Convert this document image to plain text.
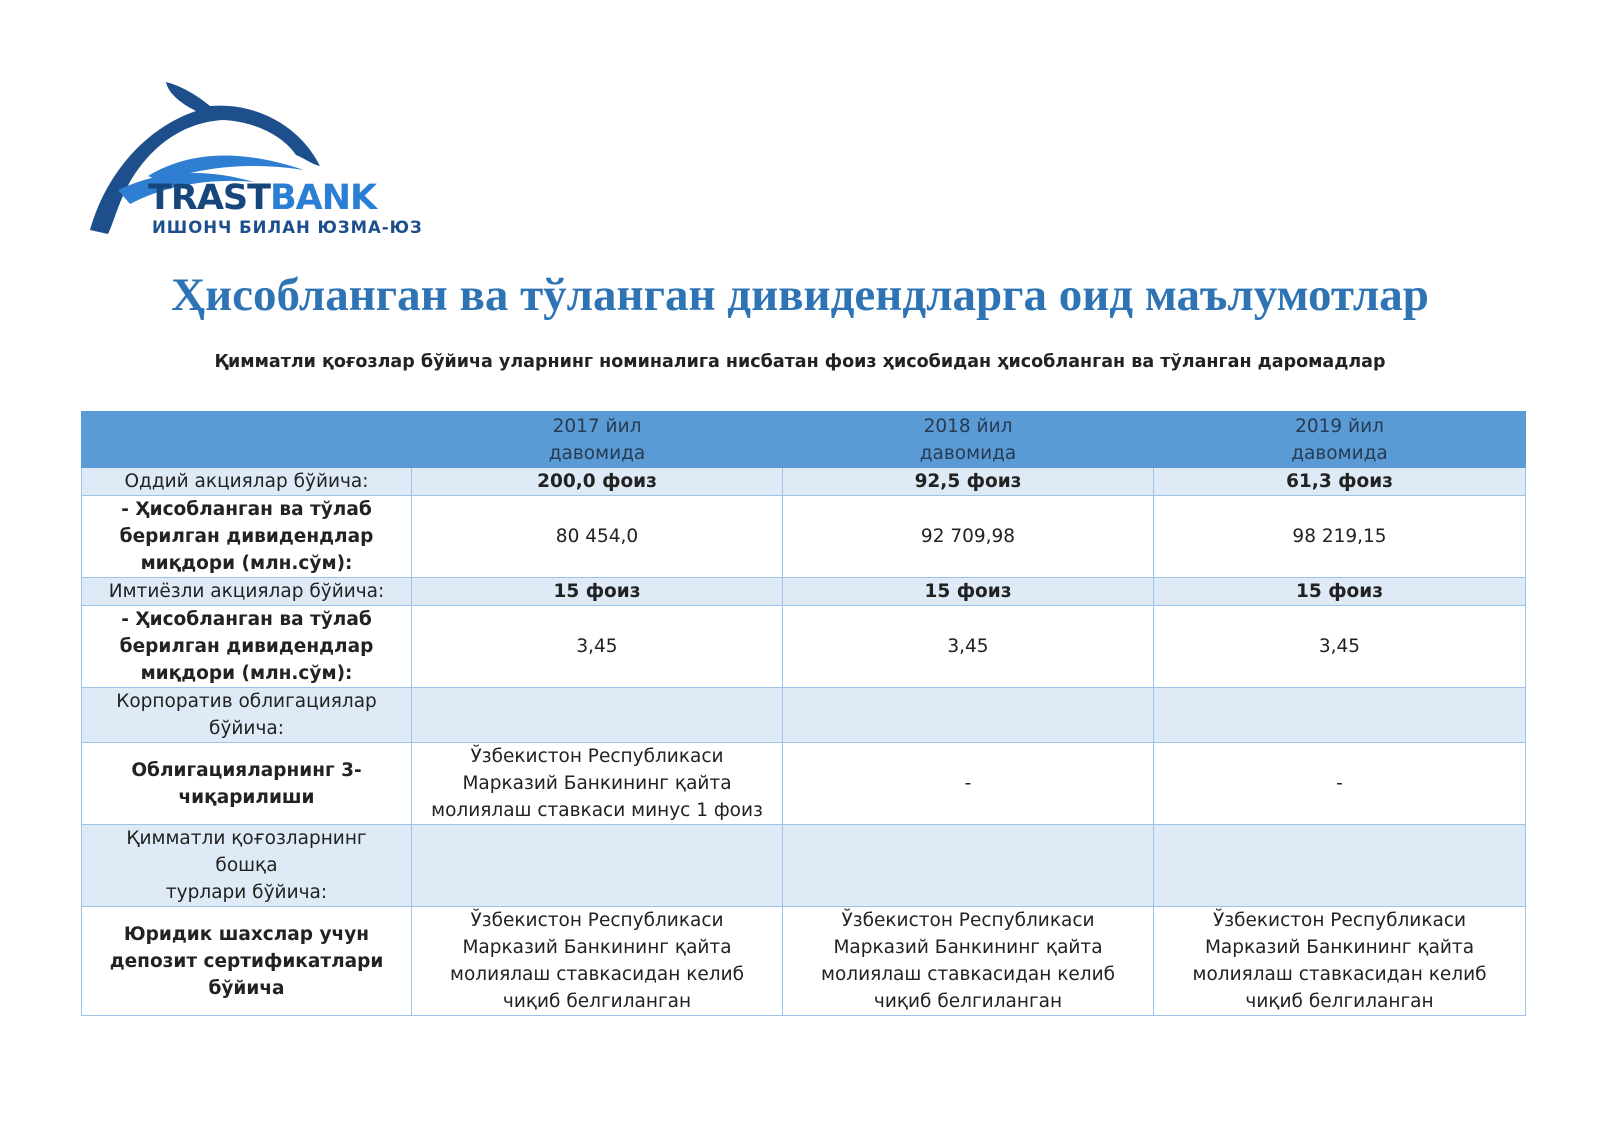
TRASTBANK
ИШОНЧ БИЛАН ЮЗМА-ЮЗ
Ҳисобланган ва тўланган дивидендларга оид маълумотлар
Қимматли қоғозлар бўйича уларнинг номиналига нисбатан фоиз ҳисобидан ҳисобланган ва тўланган даромадлар
	2017 йил
давомида	2018 йил
давомида	2019 йил
давомида
Оддий акциялар бўйича:	200,0 фоиз	92,5 фоиз	61,3 фоиз
- Ҳисобланган ва тўлаб
берилган дивидендлар
миқдори (млн.сўм):	80 454,0	92 709,98	98 219,15
Имтиёзли акциялар бўйича:	15 фоиз	15 фоиз	15 фоиз
- Ҳисобланган ва тўлаб
берилган дивидендлар
миқдори (млн.сўм):	3,45	3,45	3,45
Корпоратив облигациялар
бўйича:			
Облигацияларнинг 3-
чиқарилиши	Ўзбекистон Республикаси
Марказий Банкининг қайта
молиялаш ставкаси минус 1 фоиз	-	-
Қимматли қоғозларнинг бошқа
турлари бўйича:			
Юридик шахслар учун
депозит сертификатлари
бўйича	Ўзбекистон Республикаси
Марказий Банкининг қайта
молиялаш ставкасидан келиб
чиқиб белгиланган	Ўзбекистон Республикаси
Марказий Банкининг қайта
молиялаш ставкасидан келиб
чиқиб белгиланган	Ўзбекистон Республикаси
Марказий Банкининг қайта
молиялаш ставкасидан келиб
чиқиб белгиланган
